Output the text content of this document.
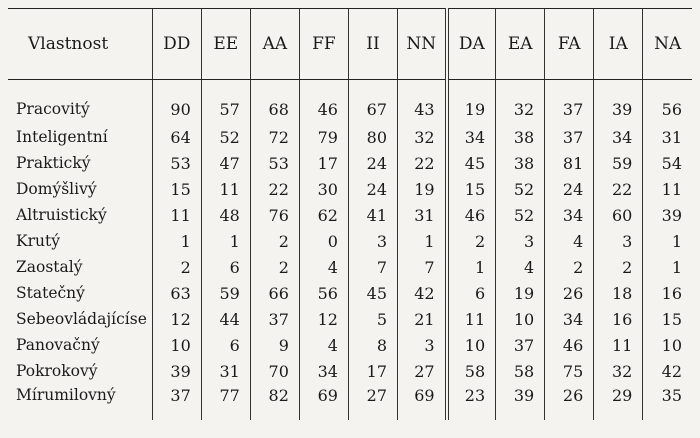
Vlastnost	DD	EE	AA	FF	II	NN	DA	EA	FA	IA	NA
Pracovitý	90	57	68	46	67	43	19	32	37	39	56
Inteligentní	64	52	72	79	80	32	34	38	37	34	31
Praktický	53	47	53	17	24	22	45	38	81	59	54
Domýšlivý	15	11	22	30	24	19	15	52	24	22	11
Altruistický	11	48	76	62	41	31	46	52	34	60	39
Krutý	1	1	2	0	3	1	2	3	4	3	1
Zaostalý	2	6	2	4	7	7	1	4	2	2	1
Statečný	63	59	66	56	45	42	6	19	26	18	16
Sebeovládajícíse	12	44	37	12	5	21	11	10	34	16	15
Panovačný	10	6	9	4	8	3	10	37	46	11	10
Pokrokový	39	31	70	34	17	27	58	58	75	32	42
Mírumilovný	37	77	82	69	27	69	23	39	26	29	35
